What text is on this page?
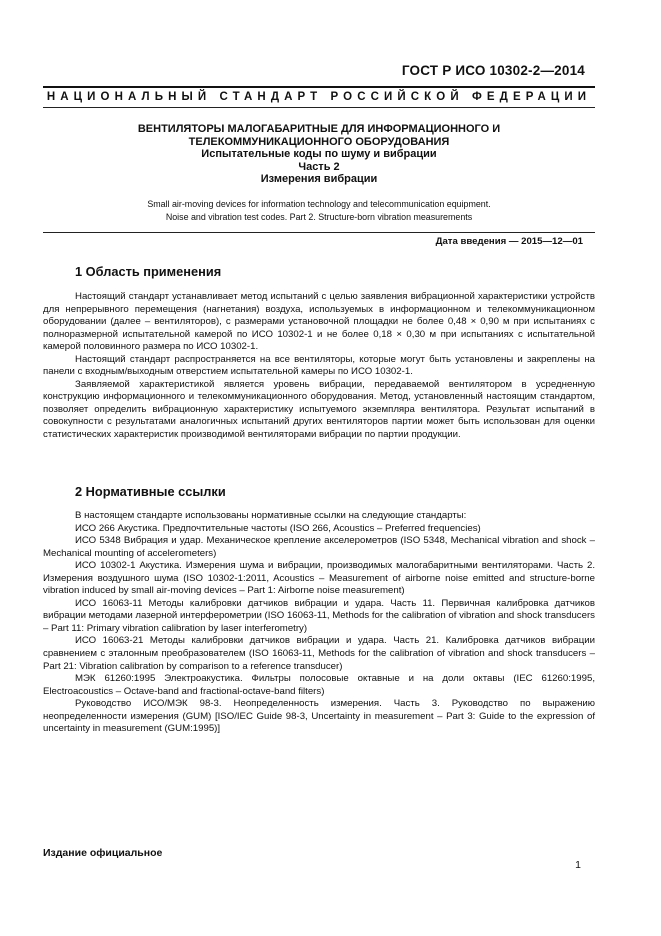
ГОСТ Р ИСО 10302-2—2014
НАЦИОНАЛЬНЫЙ СТАНДАРТ РОССИЙСКОЙ ФЕДЕРАЦИИ
ВЕНТИЛЯТОРЫ МАЛОГАБАРИТНЫЕ ДЛЯ ИНФОРМАЦИОННОГО И
ТЕЛЕКОММУНИКАЦИОННОГО ОБОРУДОВАНИЯ
Испытательные коды по шуму и вибрации
Часть 2
Измерения вибрации
Small air-moving devices for information technology and telecommunication equipment.
Noise and vibration test codes. Part 2. Structure-born vibration measurements
Дата введения — 2015—12—01
1 Область применения

Настоящий стандарт устанавливает метод испытаний с целью заявления вибрационной характеристики устройств для непрерывного перемещения (нагнетания) воздуха, используемых в информационном и телекоммуникационном оборудовании (далее – вентиляторов), с размерами установочной площадки не более 0,48 × 0,90 м при испытаниях с полноразмерной испытательной камерой по ИСО 10302-1 и не более 0,18 × 0,30 м при испытаниях с испытательной камерой половинного размера по ИСО 10302-1.

Настоящий стандарт распространяется на все вентиляторы, которые могут быть установлены и закреплены на панели с входным/выходным отверстием испытательной камеры по ИСО 10302-1.

Заявляемой характеристикой является уровень вибрации, передаваемой вентилятором в усредненную конструкцию информационного и телекоммуникационного оборудования. Метод, установленный настоящим стандартом, позволяет определить вибрационную характеристику испытуемого экземпляра вентилятора. Результат испытаний в совокупности с результатами аналогичных испытаний других вентиляторов партии может быть использован для оценки статистических характеристик производимой вентиляторами вибрации по партии продукции.

2 Нормативные ссылки

В настоящем стандарте использованы нормативные ссылки на следующие стандарты:

ИСО 266 Акустика. Предпочтительные частоты (ISO 266, Acoustics – Preferred frequencies)

ИСО 5348 Вибрация и удар. Механическое крепление акселерометров (ISO 5348, Mechanical vibration and shock – Mechanical mounting of accelerometers)

ИСО 10302-1 Акустика. Измерения шума и вибрации, производимых малогабаритными вентиляторами. Часть 2. Измерения воздушного шума (ISO 10302-1:2011, Acoustics – Measurement of airborne noise emitted and structure-borne vibration induced by small air-moving devices – Part 1: Airborne noise measurement)

ИСО 16063-11 Методы калибровки датчиков вибрации и удара. Часть 11. Первичная калибровка датчиков вибрации методами лазерной интерферометрии (ISO 16063-11, Methods for the calibration of vibration and shock transducers – Part 11: Primary vibration calibration by laser interferometry)

ИСО 16063-21 Методы калибровки датчиков вибрации и удара. Часть 21. Калибровка датчиков вибрации сравнением с эталонным преобразователем (ISO 16063-11, Methods for the calibration of vibration and shock transducers – Part 21: Vibration calibration by comparison to a reference transducer)

МЭК 61260:1995 Электроакустика. Фильтры полосовые октавные и на доли октавы (IEC 61260:1995, Electroacoustics – Octave-band and fractional-octave-band filters)

Руководство ИСО/МЭК 98-3. Неопределенность измерения. Часть 3. Руководство по выражению неопределенности измерения (GUM) [ISO/IEC Guide 98-3, Uncertainty in measurement – Part 3: Guide to the expression of uncertainty in measurement (GUM:1995)]

Издание официальное
1
